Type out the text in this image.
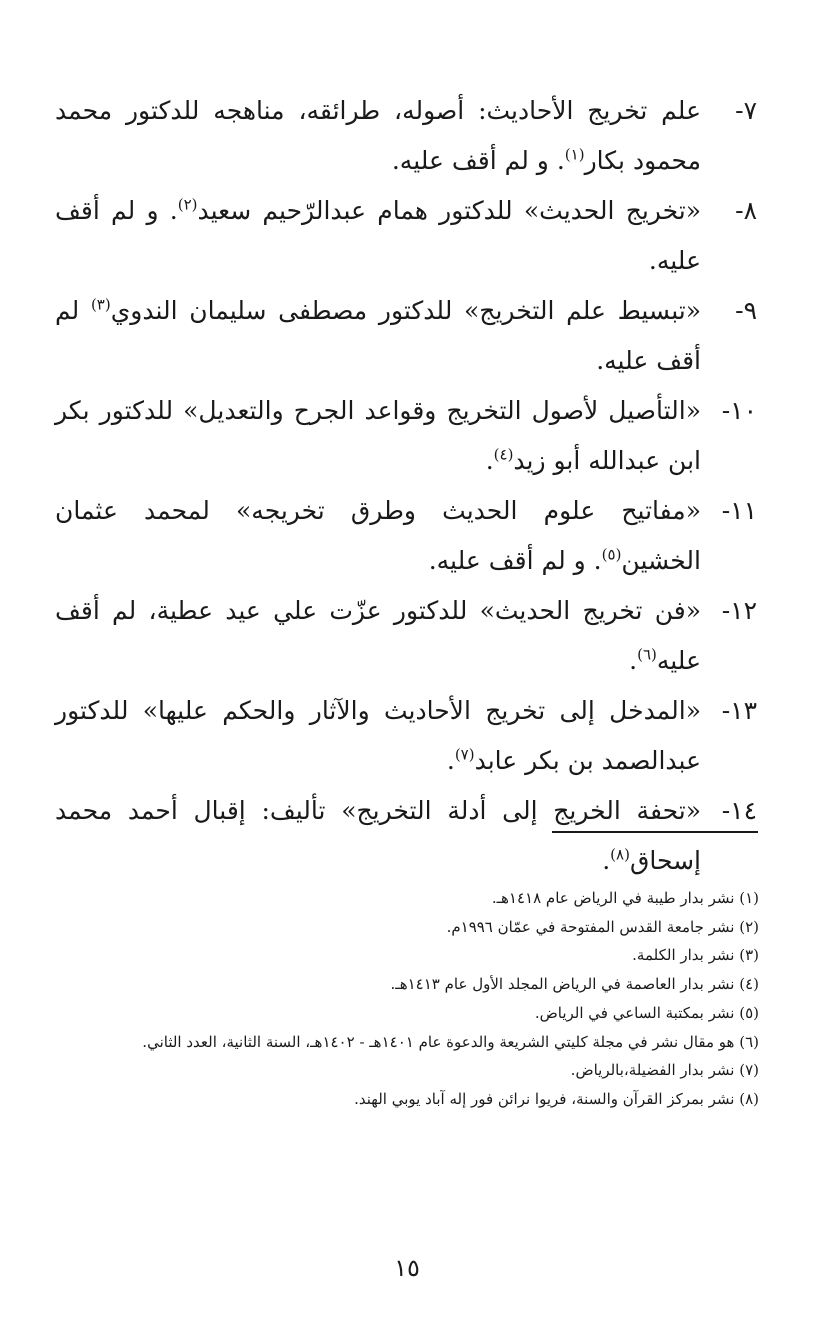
٧-
علم تخريج الأحاديث: أصوله، طرائقه، مناهجه للدكتور محمد محمود بكار$^{(١)}$. و لم أقف عليه.
٨-
«تخريج الحديث» للدكتور همام عبدالرّحيم سعيد$^{(٢)}$. و لم أقف عليه.
٩-
«تبسيط علم التخريج» للدكتور مصطفى سليمان الندوي$^{(٣)}$ لم أقف عليه.
١٠-
«التأصيل لأصول التخريج وقواعد الجرح والتعديل» للدكتور بكر ابن عبدالله أبو زيد$^{(٤)}$.
١١-
«مفاتيح علوم الحديث وطرق تخريجه» لمحمد عثمان الخشين$^{(٥)}$. و لم أقف عليه.
١٢-
«فن تخريج الحديث» للدكتور عزّت علي عيد عطية، لم أقف عليه$^{(٦)}$.
١٣-
«المدخل إلى تخريج الأحاديث والآثار والحكم عليها» للدكتور عبدالصمد بن بكر عابد$^{(٧)}$.
١٤-
«تحفة الخريج إلى أدلة التخريج» تأليف: إقبال أحمد محمد إسحاق$^{(٨)}$.
(١) نشر بدار طيبة في الرياض عام ١٤١٨هـ.
(٢) نشر جامعة القدس المفتوحة في عمّان ١٩٩٦م.
(٣) نشر بدار الكلمة.
(٤) نشر بدار العاصمة في الرياض المجلد الأول عام ١٤١٣هـ.
(٥) نشر بمكتبة الساعي في الرياض.
(٦) هو مقال نشر في مجلة كليتي الشريعة والدعوة عام ١٤٠١هـ - ١٤٠٢هـ، السنة الثانية، العدد الثاني.
(٧) نشر بدار الفضيلة،بالرياض.
(٨) نشر بمركز القرآن والسنة، فريوا نرائن فور إله آباد يوبي الهند.
١٥
